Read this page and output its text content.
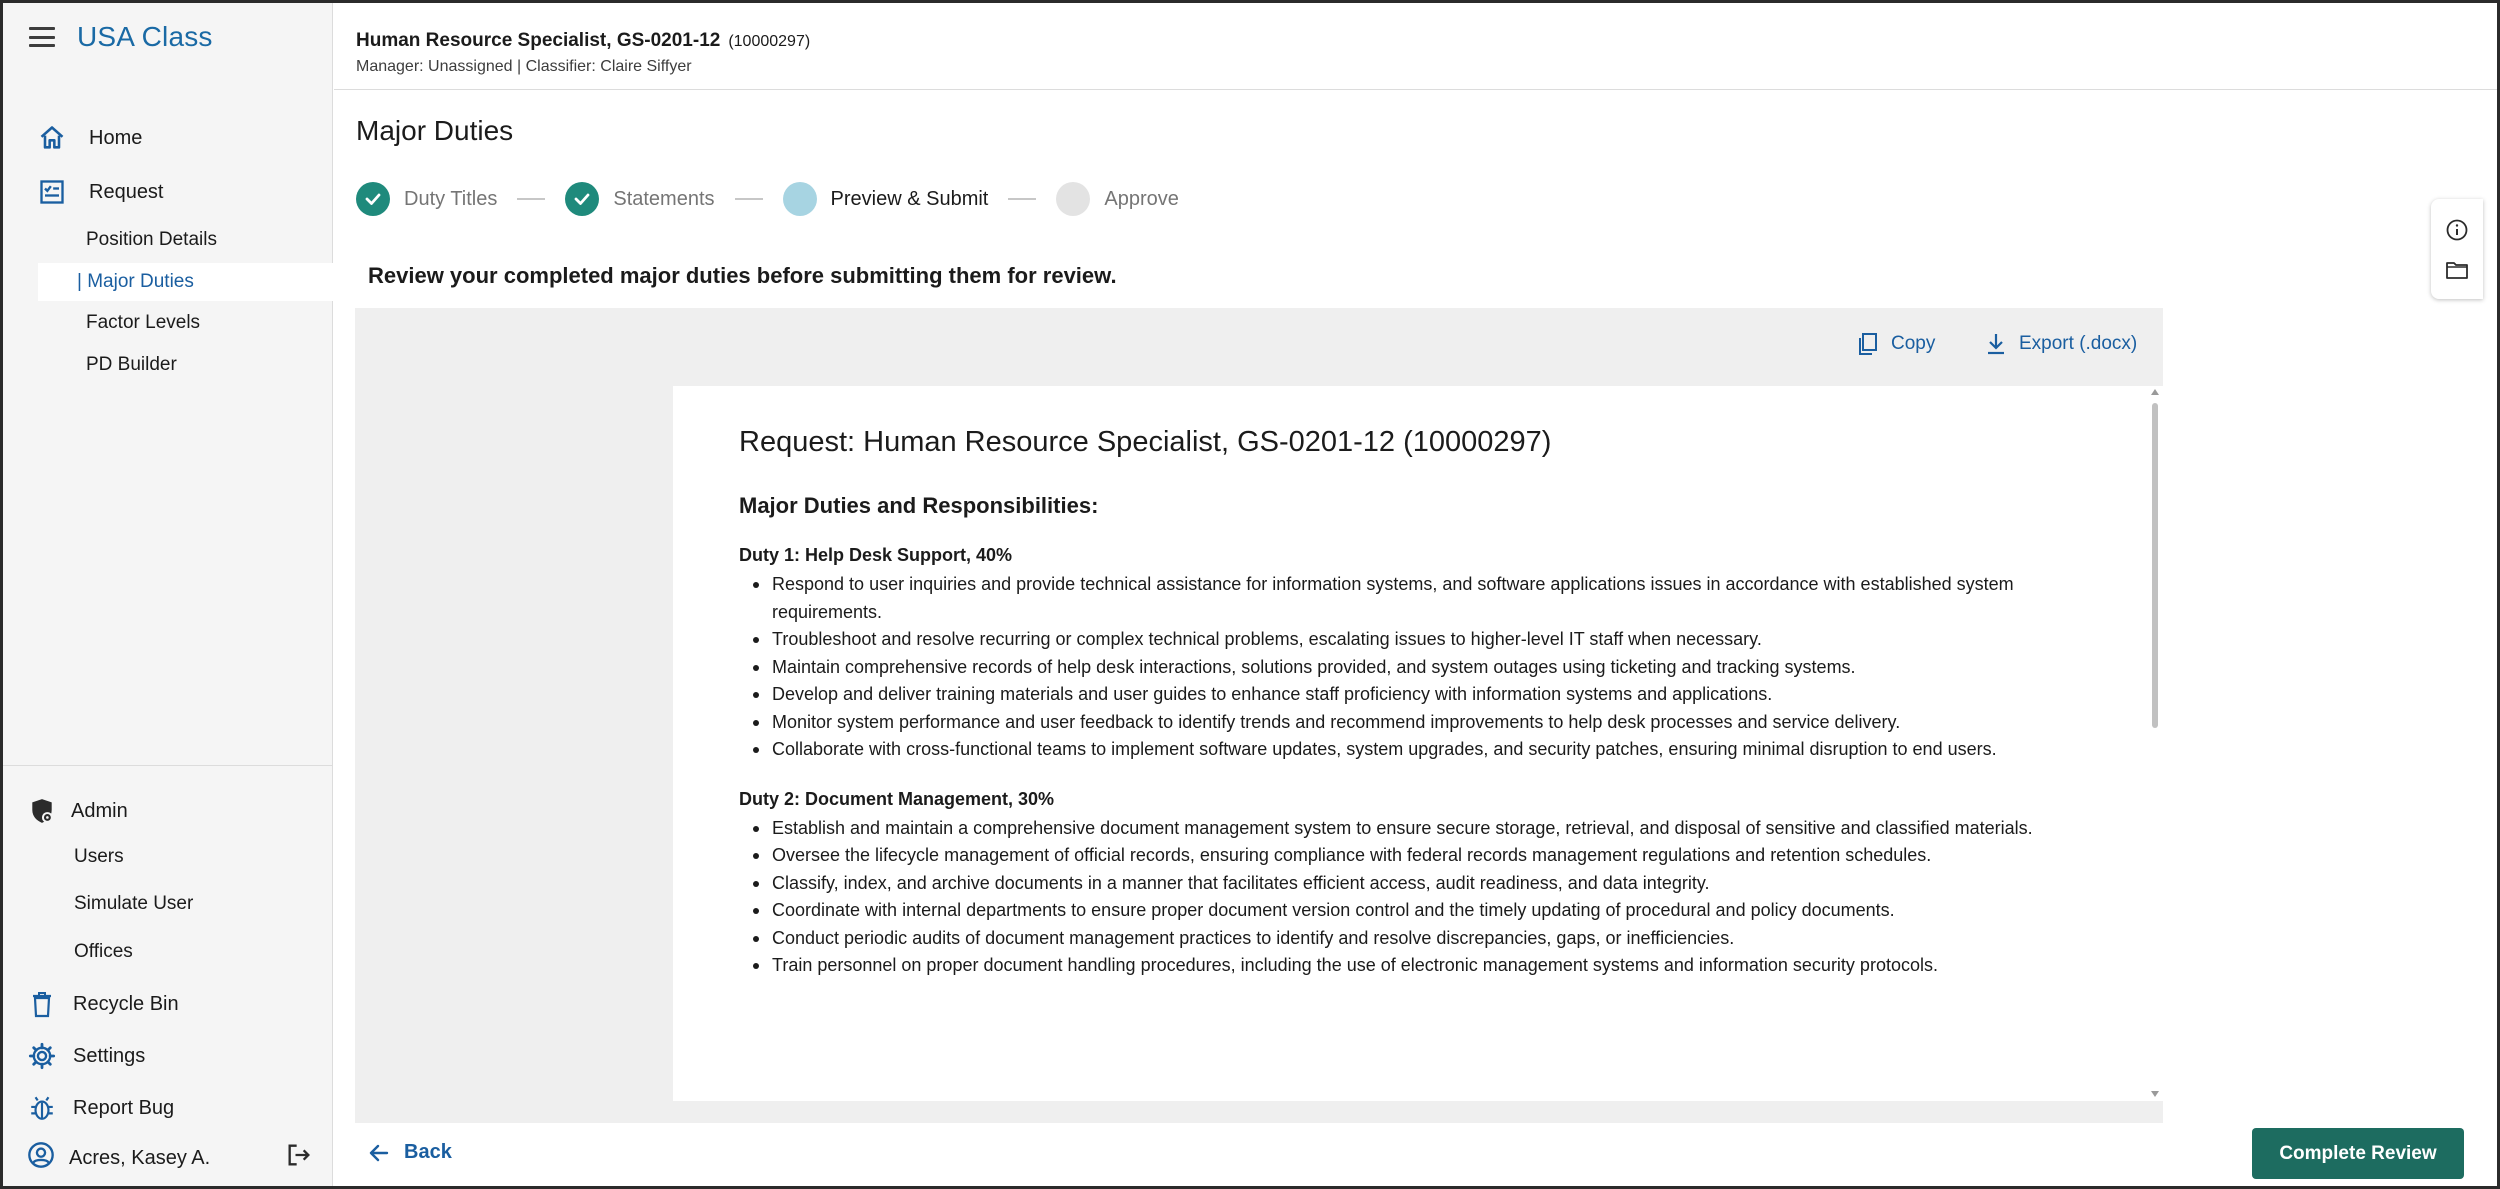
USA Class
Home
Request
Position Details
| Major Duties
Factor Levels
PD Builder
Admin
Users
Simulate User
Offices
Recycle Bin
Settings
Report Bug
Acres, Kasey A.
Human Resource Specialist, GS-0201-12 (10000297)
Manager: Unassigned | Classifier: Claire Siffyer
Major Duties
Duty Titles	Statements	Preview & Submit	Approve
Review your completed major duties before submitting them for review.
Copy	Export (.docx)
Request: Human Resource Specialist, GS-0201-12 (10000297)
Major Duties and Responsibilities:
Duty 1: Help Desk Support, 40%
Respond to user inquiries and provide technical assistance for information systems, and software applications issues in accordance with established system requirements.
Troubleshoot and resolve recurring or complex technical problems, escalating issues to higher-level IT staff when necessary.
Maintain comprehensive records of help desk interactions, solutions provided, and system outages using ticketing and tracking systems.
Develop and deliver training materials and user guides to enhance staff proficiency with information systems and applications.
Monitor system performance and user feedback to identify trends and recommend improvements to help desk processes and service delivery.
Collaborate with cross-functional teams to implement software updates, system upgrades, and security patches, ensuring minimal disruption to end users.
Duty 2: Document Management, 30%
Establish and maintain a comprehensive document management system to ensure secure storage, retrieval, and disposal of sensitive and classified materials.
Oversee the lifecycle management of official records, ensuring compliance with federal records management regulations and retention schedules.
Classify, index, and archive documents in a manner that facilitates efficient access, audit readiness, and data integrity.
Coordinate with internal departments to ensure proper document version control and the timely updating of procedural and policy documents.
Conduct periodic audits of document management practices to identify and resolve discrepancies, gaps, or inefficiencies.
Train personnel on proper document handling procedures, including the use of electronic management systems and information security protocols.
Back	Complete Review
